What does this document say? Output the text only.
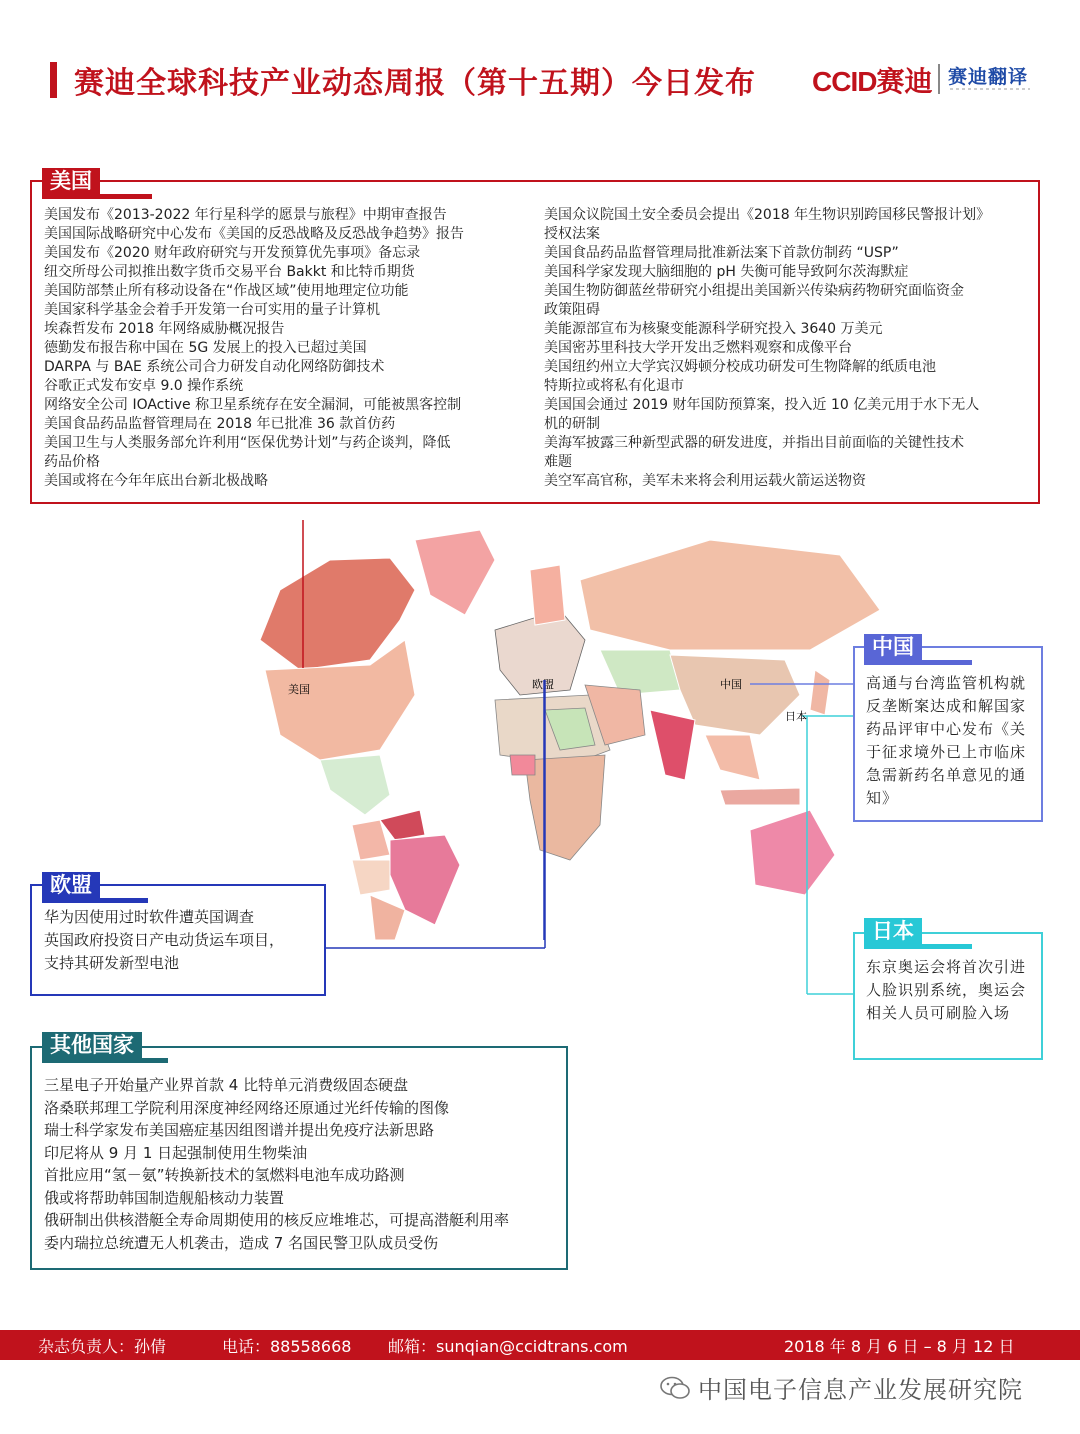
赛迪全球科技产业动态周报（第十五期）今日发布 CCID赛迪 赛迪翻译
美国	欧盟	中国
日本
美国
美国发布《2013-2022 年行星科学的愿景与旅程》中期审查报告
美国国际战略研究中心发布《美国的反恐战略及反恐战争趋势》报告
美国发布《2020 财年政府研究与开发预算优先事项》备忘录
纽交所母公司拟推出数字货币交易平台 Bakkt 和比特币期货
美国防部禁止所有移动设备在“作战区域”使用地理定位功能
美国家科学基金会着手开发第一台可实用的量子计算机
埃森哲发布 2018 年网络威胁概况报告
德勤发布报告称中国在 5G 发展上的投入已超过美国
DARPA 与 BAE 系统公司合力研发自动化网络防御技术
谷歌正式发布安卓 9.0 操作系统
网络安全公司 IOActive 称卫星系统存在安全漏洞，可能被黑客控制
美国食品药品监督管理局在 2018 年已批准 36 款首仿药
美国卫生与人类服务部允许利用“医保优势计划”与药企谈判，降低
药品价格
美国或将在今年年底出台新北极战略
美国众议院国土安全委员会提出《2018 年生物识别跨国移民警报计划》
授权法案
美国食品药品监督管理局批准新法案下首款仿制药 “USP”
美国科学家发现大脑细胞的 pH 失衡可能导致阿尔茨海默症
美国生物防御蓝丝带研究小组提出美国新兴传染病药物研究面临资金
政策阻碍
美能源部宣布为核聚变能源科学研究投入 3640 万美元
美国密苏里科技大学开发出乏燃料观察和成像平台
美国纽约州立大学宾汉姆顿分校成功研发可生物降解的纸质电池
特斯拉或将私有化退市
美国国会通过 2019 财年国防预算案，投入近 10 亿美元用于水下无人
机的研制
美海军披露三种新型武器的研发进度，并指出目前面临的关键性技术
难题
美空军高官称，美军未来将会利用运载火箭运送物资
中国
高通与台湾监管机构就反垄断案达成和解国家药品评审中心发布《关于征求境外已上市临床急需新药名单意见的通知》
日本
东京奥运会将首次引进人脸识别系统，奥运会相关人员可刷脸入场
欧盟
华为因使用过时软件遭英国调查
英国政府投资日产电动货运车项目，
支持其研发新型电池
其他国家
三星电子开始量产业界首款 4 比特单元消费级固态硬盘
洛桑联邦理工学院利用深度神经网络还原通过光纤传输的图像
瑞士科学家发布美国癌症基因组图谱并提出免疫疗法新思路
印尼将从 9 月 1 日起强制使用生物柴油
首批应用“氢－氨”转换新技术的氢燃料电池车成功路测
俄或将帮助韩国制造舰船核动力装置
俄研制出供核潜艇全寿命周期使用的核反应堆堆芯，可提高潜艇利用率
委内瑞拉总统遭无人机袭击，造成 7 名国民警卫队成员受伤
杂志负责人：孙倩	电话：88558668 邮箱：sunqian@ccidtrans.com	2018 年 8 月 6 日 – 8 月 12 日
中国电子信息产业发展研究院
